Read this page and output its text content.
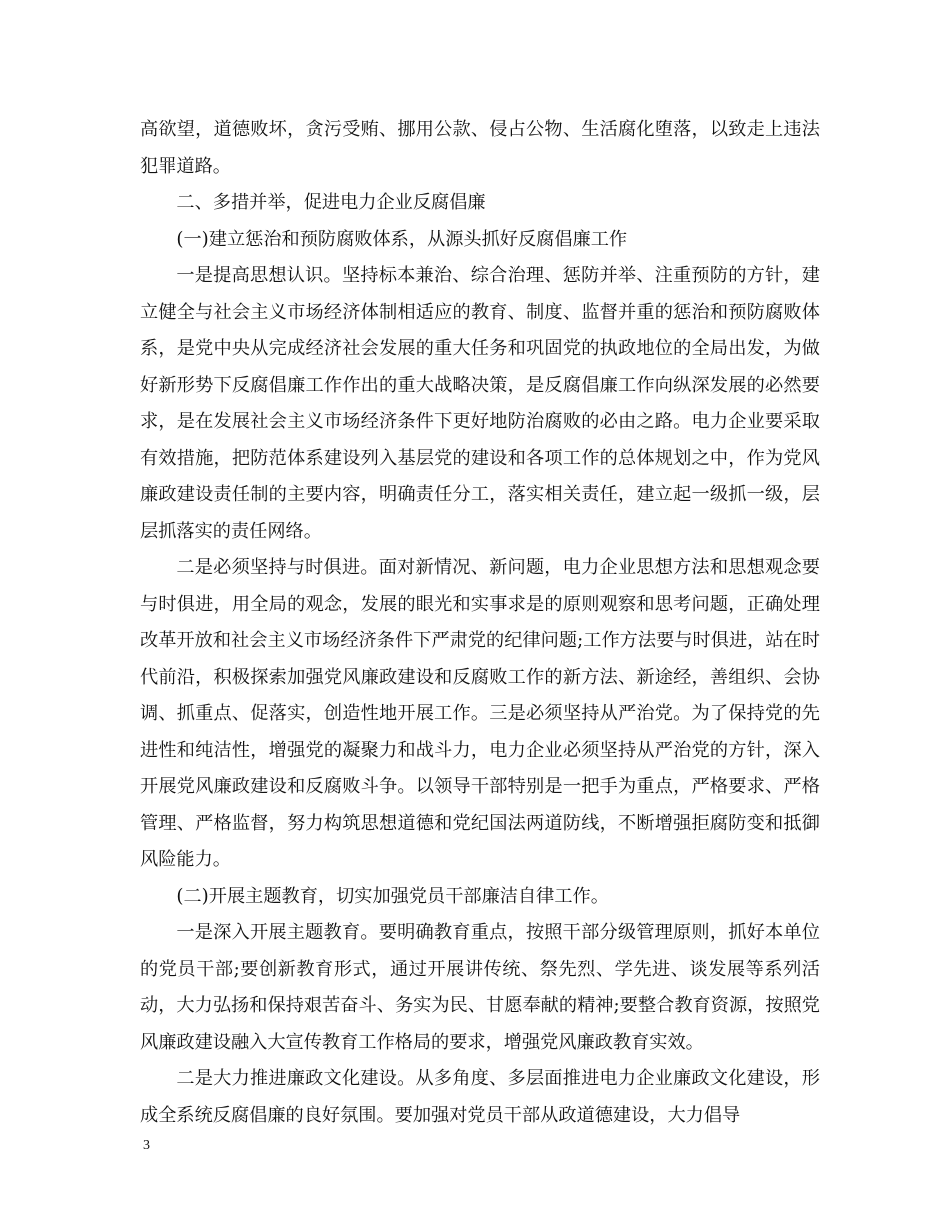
高欲望，道德败坏，贪污受贿、挪用公款、侵占公物、生活腐化堕落，以致走上违法犯罪道路。

二、多措并举，促进电力企业反腐倡廉

(一)建立惩治和预防腐败体系，从源头抓好反腐倡廉工作

一是提高思想认识。坚持标本兼治、综合治理、惩防并举、注重预防的方针，建立健全与社会主义市场经济体制相适应的教育、制度、监督并重的惩治和预防腐败体系，是党中央从完成经济社会发展的重大任务和巩固党的执政地位的全局出发，为做好新形势下反腐倡廉工作作出的重大战略决策，是反腐倡廉工作向纵深发展的必然要求，是在发展社会主义市场经济条件下更好地防治腐败的必由之路。电力企业要采取有效措施，把防范体系建设列入基层党的建设和各项工作的总体规划之中，作为党风廉政建设责任制的主要内容，明确责任分工，落实相关责任，建立起一级抓一级，层层抓落实的责任网络。

二是必须坚持与时俱进。面对新情况、新问题，电力企业思想方法和思想观念要与时俱进，用全局的观念，发展的眼光和实事求是的原则观察和思考问题，正确处理改革开放和社会主义市场经济条件下严肃党的纪律问题;工作方法要与时俱进，站在时代前沿，积极探索加强党风廉政建设和反腐败工作的新方法、新途经，善组织、会协调、抓重点、促落实，创造性地开展工作。三是必须坚持从严治党。为了保持党的先进性和纯洁性，增强党的凝聚力和战斗力，电力企业必须坚持从严治党的方针，深入开展党风廉政建设和反腐败斗争。以领导干部特别是一把手为重点，严格要求、严格管理、严格监督，努力构筑思想道德和党纪国法两道防线，不断增强拒腐防变和抵御风险能力。

(二)开展主题教育，切实加强党员干部廉洁自律工作。

一是深入开展主题教育。要明确教育重点，按照干部分级管理原则，抓好本单位的党员干部;要创新教育形式，通过开展讲传统、祭先烈、学先进、谈发展等系列活动，大力弘扬和保持艰苦奋斗、务实为民、甘愿奉献的精神;要整合教育资源，按照党风廉政建设融入大宣传教育工作格局的要求，增强党风廉政教育实效。

二是大力推进廉政文化建设。从多角度、多层面推进电力企业廉政文化建设，形成全系统反腐倡廉的良好氛围。要加强对党员干部从政道德建设，大力倡导

3
